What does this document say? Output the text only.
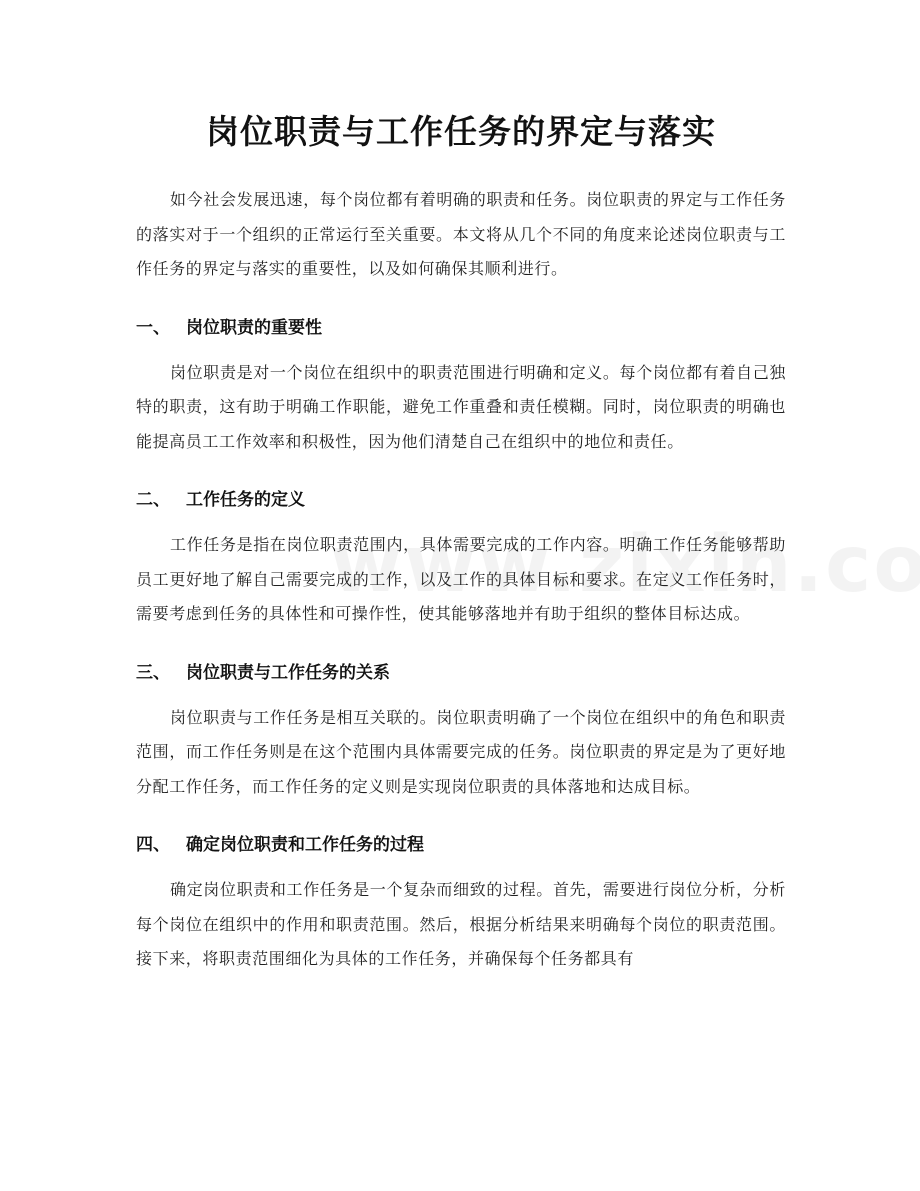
岗位职责与工作任务的界定与落实

如今社会发展迅速，每个岗位都有着明确的职责和任务。岗位职责的界定与工作任务的落实对于一个组织的正常运行至关重要。本文将从几个不同的角度来论述岗位职责与工作任务的界定与落实的重要性，以及如何确保其顺利进行。

一、 岗位职责的重要性

岗位职责是对一个岗位在组织中的职责范围进行明确和定义。每个岗位都有着自己独特的职责，这有助于明确工作职能，避免工作重叠和责任模糊。同时，岗位职责的明确也能提高员工工作效率和积极性，因为他们清楚自己在组织中的地位和责任。

二、 工作任务的定义

工作任务是指在岗位职责范围内，具体需要完成的工作内容。明确工作任务能够帮助员工更好地了解自己需要完成的工作，以及工作的具体目标和要求。在定义工作任务时，需要考虑到任务的具体性和可操作性，使其能够落地并有助于组织的整体目标达成。

三、 岗位职责与工作任务的关系

岗位职责与工作任务是相互关联的。岗位职责明确了一个岗位在组织中的角色和职责范围，而工作任务则是在这个范围内具体需要完成的任务。岗位职责的界定是为了更好地分配工作任务，而工作任务的定义则是实现岗位职责的具体落地和达成目标。

四、 确定岗位职责和工作任务的过程

确定岗位职责和工作任务是一个复杂而细致的过程。首先，需要进行岗位分析，分析每个岗位在组织中的作用和职责范围。然后，根据分析结果来明确每个岗位的职责范围。接下来，将职责范围细化为具体的工作任务，并确保每个任务都具有
